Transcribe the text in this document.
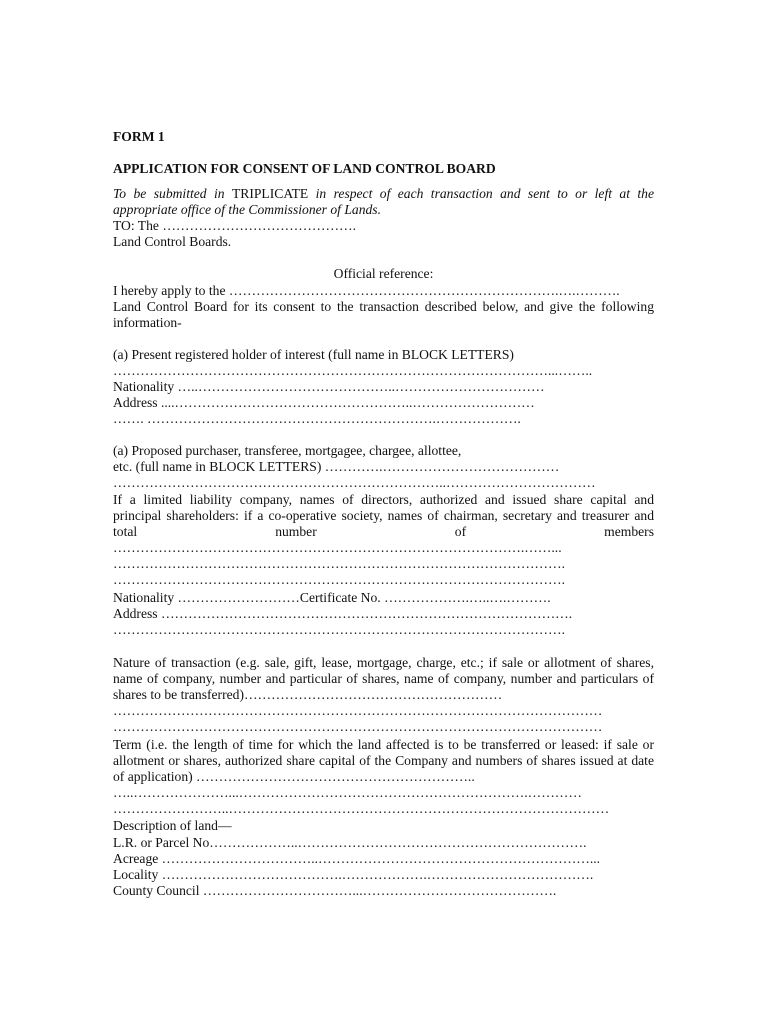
FORM 1
APPLICATION FOR CONSENT OF LAND CONTROL BOARD
To be submitted in TRIPLICATE in respect of each transaction and sent to or left at the
appropriate office of the Commissioner of Lands.
TO: The …………………………………….
Land Control Boards.
Official reference:
I hereby apply to the ……………………………………………………………….….……….
Land Control Board for its consent to the transaction described below, and give the following
information-
(a) Present registered holder of interest (full name in BLOCK LETTERS)
……………………………………………………………………………………...……..
Nationality …..……………………………………..……………………………
Address ....……………………………………………..………………………
……. ……………………………………………………….……………….
(a) Proposed purchaser, transferee, mortgagee, chargee, allottee,
etc. (full name in BLOCK LETTERS) ………….…………………………………
………………………………………………………………..……………………………
If a limited liability company, names of directors, authorized and issued share capital and
principal shareholders: if a co-operative society, names of chairman, secretary and treasurer and
total number of members
……………………………………………………………………………….……...
……………………………………………………………………………………….
……………………………………………………………………………………….
Nationality ………………………Certificate No. ……………….…..….……….
Address ……………………………………………………………………………….
……………………………………………………………………………………….
Nature of transaction (e.g. sale, gift, lease, mortgage, charge, etc.; if sale or allotment of shares,
name of company, number and particular of shares, name of company, number and particulars of
shares to be transferred)…………………………………………………
………………………………………………………………………………………………
………………………………………………………………………………………………
Term (i.e. the length of time for which the land affected is to be transferred or leased: if sale or
allotment or shares, authorized share capital of the Company and numbers of shares issued at date
of application) ……………………………………………………..
…..…………………...……………………………………………………….…………
……………………..…………………………………………………………………………
Description of land—
L.R. or Parcel No………………..……………………………………………………….
Acreage ……………………………..……………………………………………………...
Locality ………………………………….……………….……………………………….
County Council ……………………………...…………………………………….
